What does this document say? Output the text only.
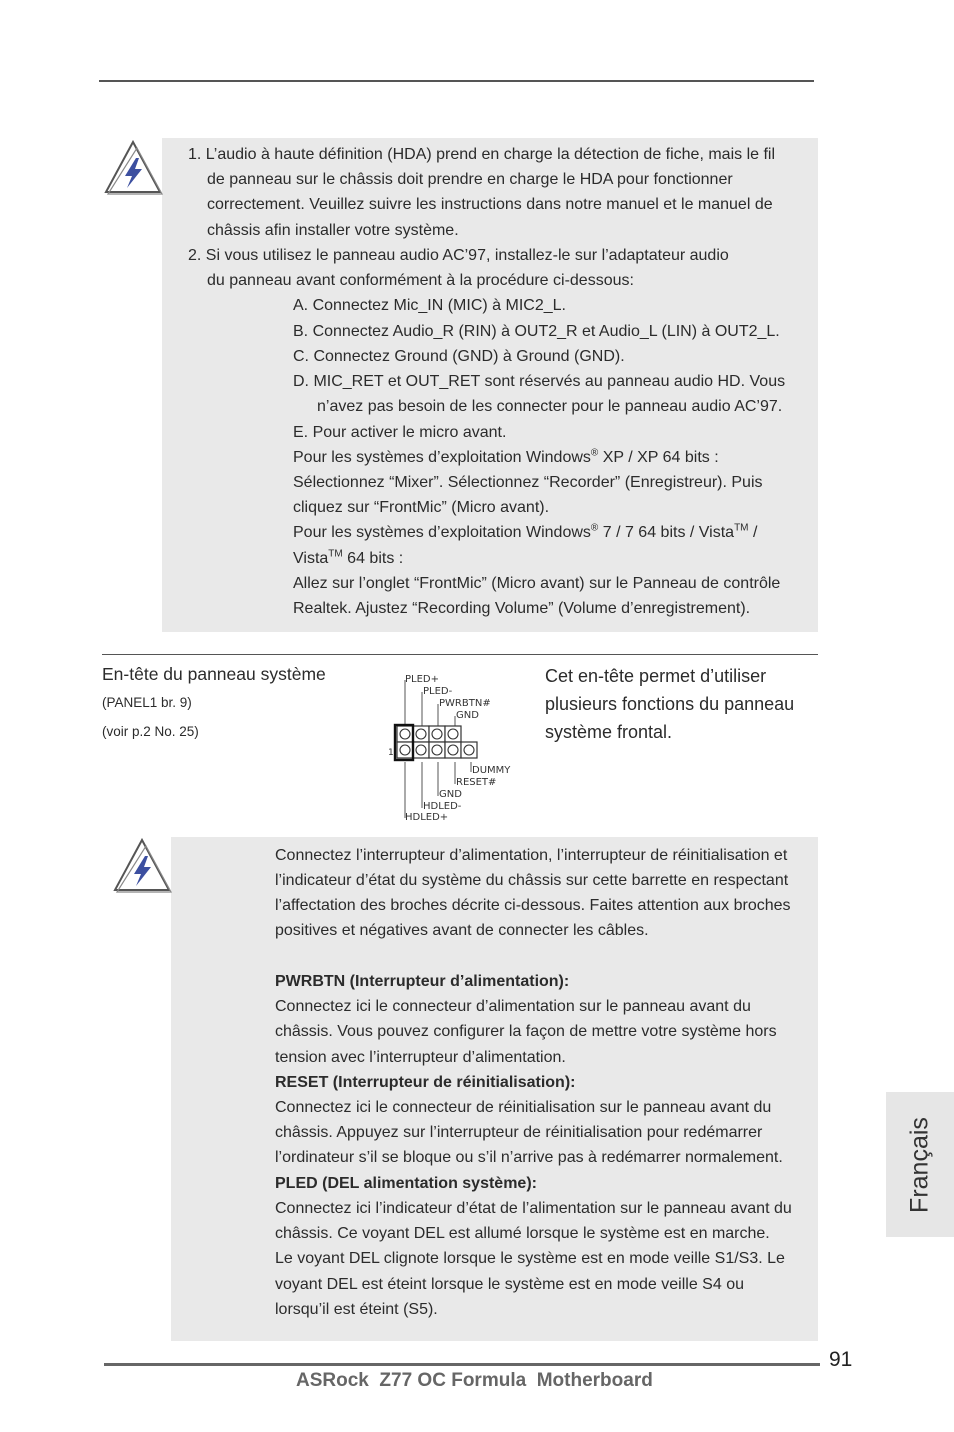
1. L’audio à haute définition (HDA) prend en charge la détection de fiche, mais le fil
de panneau sur le châssis doit prendre en charge le HDA pour fonctionner
correctement. Veuillez suivre les instructions dans notre manuel et le manuel de
châssis afin installer votre système.
2. Si vous utilisez le panneau audio AC’97, installez-le sur l’adaptateur audio
du panneau avant conformément à la procédure ci-dessous:
A. Connectez Mic_IN (MIC) à MIC2_L.
B. Connectez Audio_R (RIN) à OUT2_R et Audio_L (LIN) à OUT2_L.
C. Connectez Ground (GND) à Ground (GND).
D. MIC_RET et OUT_RET sont réservés au panneau audio HD. Vous
n’avez pas besoin de les connecter pour le panneau audio AC’97.
E. Pour activer le micro avant.
Pour les systèmes d’exploitation Windows® XP / XP 64 bits :
Sélectionnez “Mixer”. Sélectionnez “Recorder” (Enregistreur). Puis
cliquez sur “FrontMic” (Micro avant).
Pour les systèmes d’exploitation Windows® 7 / 7 64 bits / Vista™ /
Vista™ 64 bits :
Allez sur l’onglet “FrontMic” (Micro avant) sur le Panneau de contrôle
Realtek. Ajustez “Recording Volume” (Volume d’enregistrement).
En-tête du panneau système
(PANEL1 br. 9)
(voir p.2 No. 25)
Cet en-tête permet d’utiliser
plusieurs fonctions du panneau
système frontal.
PLED+
PLED-
PWRBTN#
GND
DUMMY
RESET#
GND
HDLED-
HDLED+
1
Connectez l’interrupteur d’alimentation, l’interrupteur de réinitialisation et
l’indicateur d’état du système du châssis sur cette barrette en respectant
l’affectation des broches décrite ci-dessous. Faites attention aux broches
positives et négatives avant de connecter les câbles.
PWRBTN (Interrupteur d’alimentation):
Connectez ici le connecteur d’alimentation sur le panneau avant du
châssis. Vous pouvez configurer la façon de mettre votre système hors
tension avec l’interrupteur d’alimentation.
RESET (Interrupteur de réinitialisation):
Connectez ici le connecteur de réinitialisation sur le panneau avant du
châssis. Appuyez sur l’interrupteur de réinitialisation pour redémarrer
l’ordinateur s’il se bloque ou s’il n’arrive pas à redémarrer normalement.
PLED (DEL alimentation système):
Connectez ici l’indicateur d’état de l’alimentation sur le panneau avant du
châssis. Ce voyant DEL est allumé lorsque le système est en marche.
Le voyant DEL clignote lorsque le système est en mode veille S1/S3. Le
voyant DEL est éteint lorsque le système est en mode veille S4 ou
lorsqu’il est éteint (S5).
Français
91
ASRock  Z77 OC Formula  Motherboard
